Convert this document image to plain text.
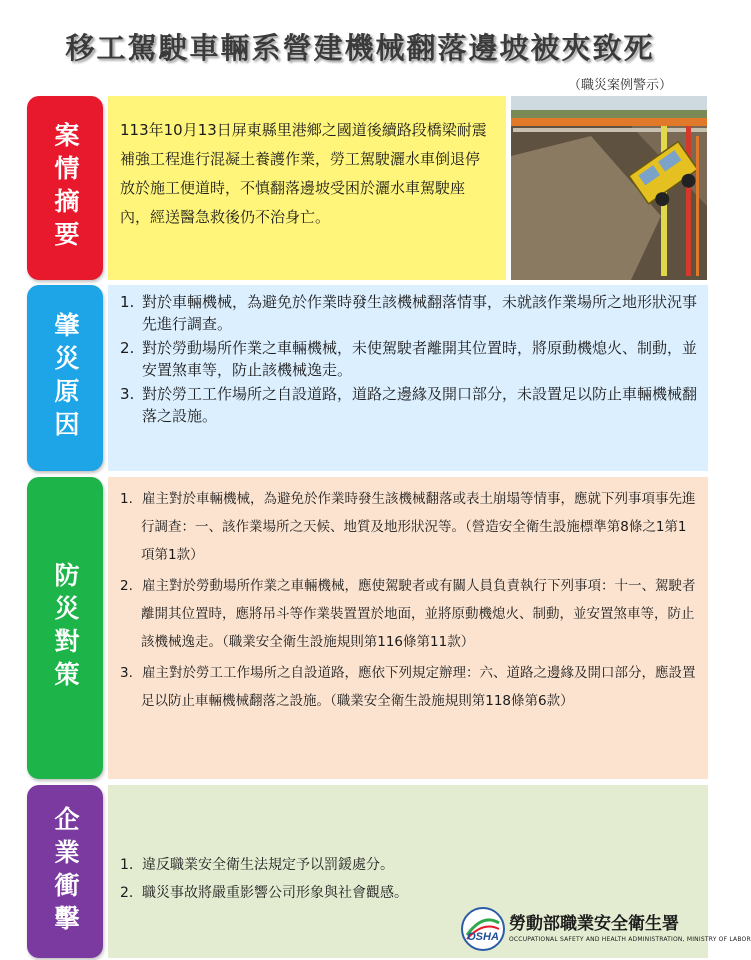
移工駕駛車輛系營建機械翻落邊坡被夾致死
（職災案例警示）
案情摘要	113年10月13日屏東縣里港鄉之國道後續路段橋梁耐震補強工程進行混凝土養護作業，勞工駕駛灑水車倒退停放於施工便道時，不慎翻落邊坡受困於灑水車駕駛座內，經送醫急救後仍不治身亡。

肇災原因
1. 對於車輛機械，為避免於作業時發生該機械翻落情事，未就該作業場所之地形狀況事先進行調查。
2. 對於勞動場所作業之車輛機械，未使駕駛者離開其位置時，將原動機熄火、制動，並安置煞車等，防止該機械逸走。
3. 對於勞工工作場所之自設道路，道路之邊緣及開口部分，未設置足以防止車輛機械翻落之設施。
防災對策
1. 雇主對於車輛機械，為避免於作業時發生該機械翻落或表土崩塌等情事，應就下列事項事先進行調查：一、該作業場所之天候、地質及地形狀況等。（營造安全衛生設施標準第8條之1第1項第1款）
2. 雇主對於勞動場所作業之車輛機械，應使駕駛者或有關人員負責執行下列事項：十一、駕駛者離開其位置時，應將吊斗等作業裝置置於地面，並將原動機熄火、制動，並安置煞車等，防止該機械逸走。（職業安全衛生設施規則第116條第11款）
3. 雇主對於勞工工作場所之自設道路，應依下列規定辦理：六、道路之邊緣及開口部分，應設置足以防止車輛機械翻落之設施。（職業安全衛生設施規則第118條第6款）
企業衝擊	1. 違反職業安全衛生法規定予以罰鍰處分。
2. 職災事故將嚴重影響公司形象與社會觀感。
OSHA
勞動部職業安全衛生署
OCCUPATIONAL SAFETY AND HEALTH ADMINISTRATION, MINISTRY OF LABOR
